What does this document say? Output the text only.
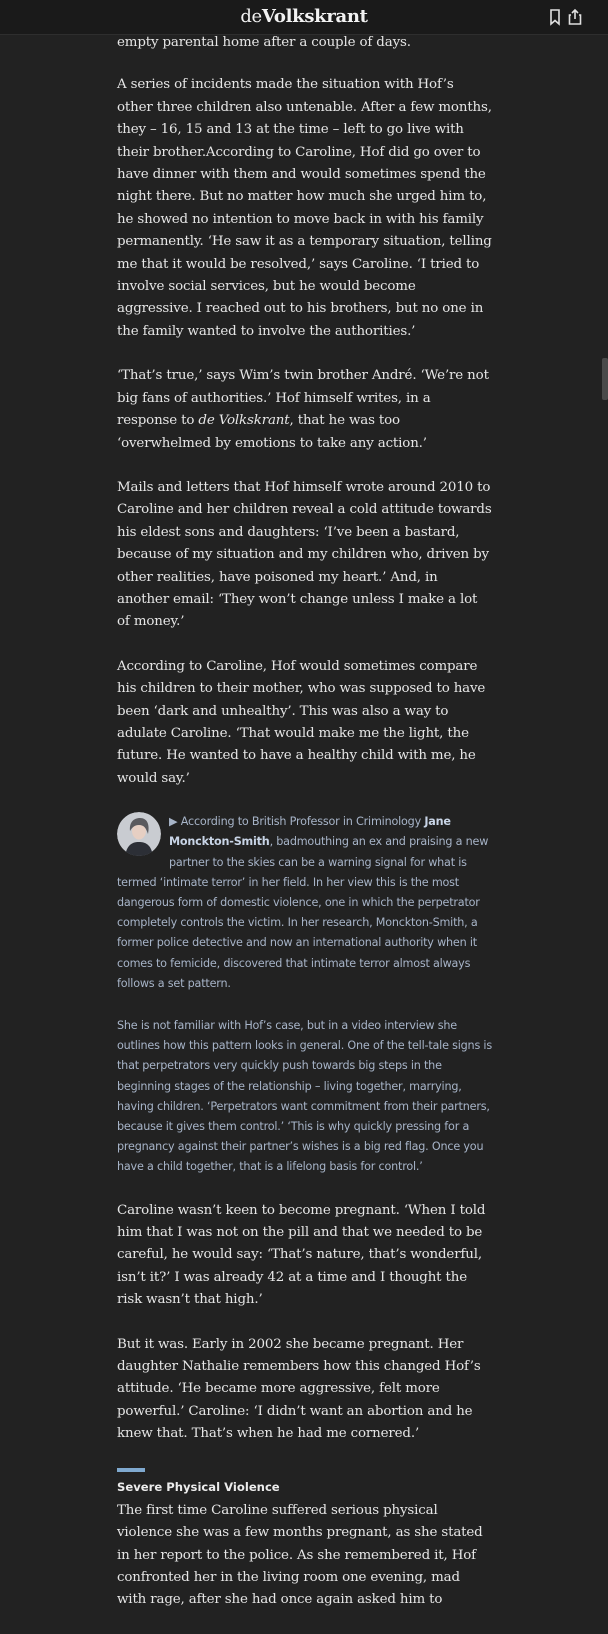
deVolkskrant

empty parental home after a couple of days.

A series of incidents made the situation with Hof’s other three children also untenable. After a few months, they – 16, 15 and 13 at the time – left to go live with their brother.According to Caroline, Hof did go over to have dinner with them and would sometimes spend the night there. But no matter how much she urged him to, he showed no intention to move back in with his family permanently. ‘He saw it as a temporary situation, telling me that it would be resolved,’ says Caroline. ‘I tried to involve social services, but he would become aggressive. I reached out to his brothers, but no one in the family wanted to involve the authorities.’

‘That’s true,’ says Wim’s twin brother André. ‘We’re not big fans of authorities.’ Hof himself writes, in a response to de Volkskrant, that he was too ‘overwhelmed by emotions to take any action.’

Mails and letters that Hof himself wrote around 2010 to Caroline and her children reveal a cold attitude towards his eldest sons and daughters: ‘I’ve been a bastard, because of my situation and my children who, driven by other realities, have poisoned my heart.’ And, in another email: ‘They won’t change unless I make a lot of money.’

According to Caroline, Hof would sometimes compare his children to their mother, who was supposed to have been ‘dark and unhealthy’. This was also a way to adulate Caroline. ‘That would make me the light, the future. He wanted to have a healthy child with me, he would say.’

▶ According to British Professor in Criminology Jane Monckton-Smith, badmouthing an ex and praising a new partner to the skies can be a warning signal for what is termed ‘intimate terror’ in her field. In her view this is the most dangerous form of domestic violence, one in which the perpetrator completely controls the victim. In her research, Monckton-Smith, a former police detective and now an international authority when it comes to femicide, discovered that intimate terror almost always follows a set pattern.
She is not familiar with Hof’s case, but in a video interview she outlines how this pattern looks in general. One of the tell-tale signs is that perpetrators very quickly push towards big steps in the beginning stages of the relationship – living together, marrying, having children. ‘Perpetrators want commitment from their partners, because it gives them control.’ ‘This is why quickly pressing for a pregnancy against their partner’s wishes is a big red flag. Once you have a child together, that is a lifelong basis for control.’

Caroline wasn’t keen to become pregnant. ‘When I told him that I was not on the pill and that we needed to be careful, he would say: ‘That’s nature, that’s wonderful, isn’t it?’ I was already 42 at a time and I thought the risk wasn’t that high.’

But it was. Early in 2002 she became pregnant. Her daughter Nathalie remembers how this changed Hof’s attitude. ‘He became more aggressive, felt more powerful.’ Caroline: ‘I didn’t want an abortion and he knew that. That’s when he had me cornered.’

Severe Physical Violence

The first time Caroline suffered serious physical violence she was a few months pregnant, as she stated in her report to the police. As she remembered it, Hof confronted her in the living room one evening, mad with rage, after she had once again asked him to
